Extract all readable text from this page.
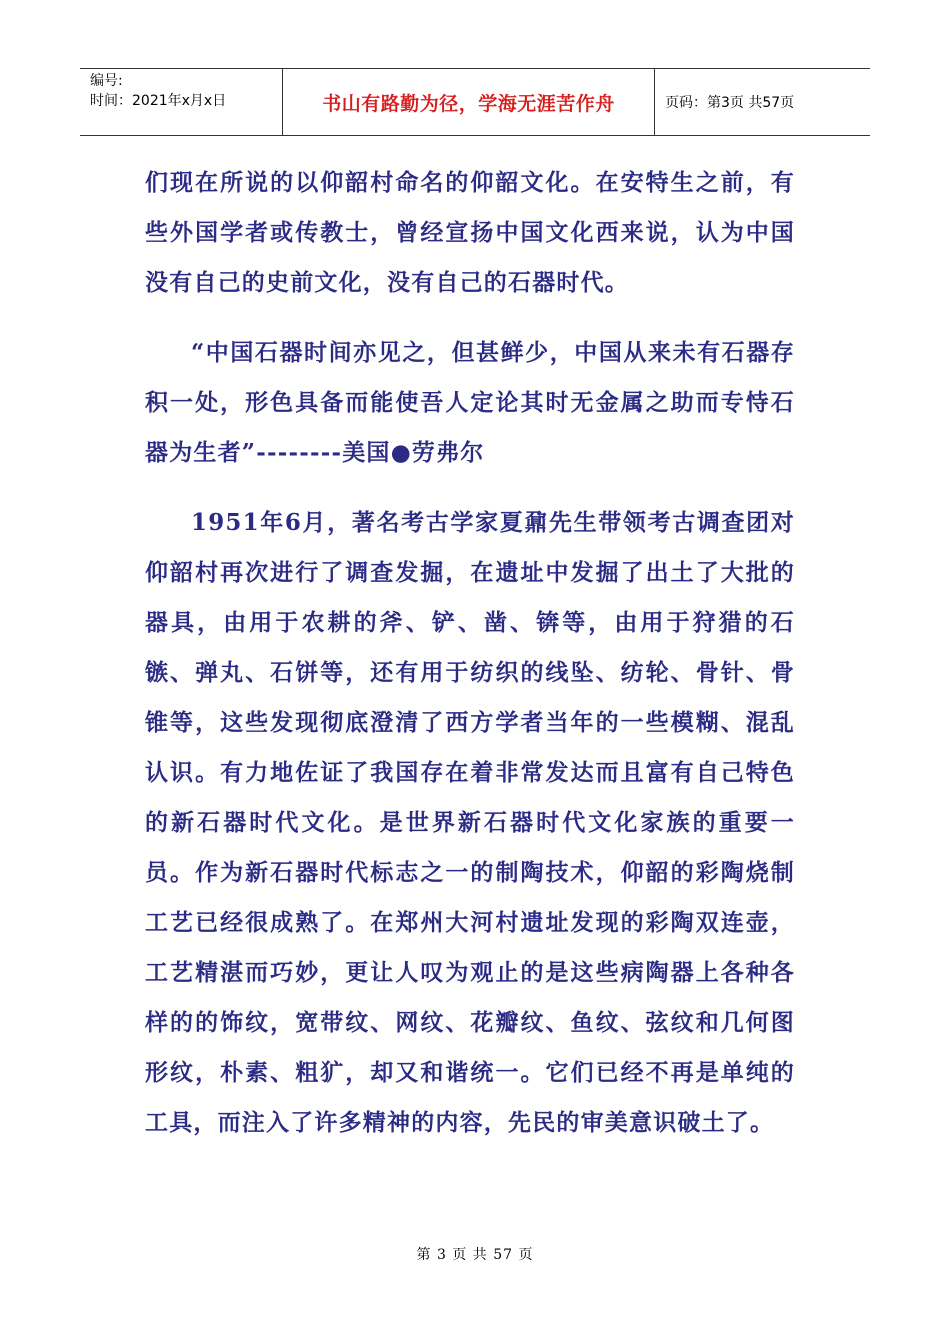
编号:
时间：2021年x月x日	书山有路勤为径，学海无涯苦作舟	页码：第3页 共57页

们现在所说的以仰韶村命名的仰韶文化。在安特生之前，有些外国学者或传教士，曾经宣扬中国文化西来说，认为中国没有自己的史前文化，没有自己的石器时代。

“中国石器时间亦见之，但甚鲜少，中国从来未有石器存积一处，形色具备而能使吾人定论其时无金属之助而专恃石器为生者”--------美国●劳弗尔

1951年6月，著名考古学家夏鼐先生带领考古调查团对仰韶村再次进行了调查发掘，在遗址中发掘了出土了大批的器具，由用于农耕的斧、铲、凿、锛等，由用于狩猎的石镞、弹丸、石饼等，还有用于纺织的线坠、纺轮、骨针、骨锥等，这些发现彻底澄清了西方学者当年的一些模糊、混乱认识。有力地佐证了我国存在着非常发达而且富有自己特色的新石器时代文化。是世界新石器时代文化家族的重要一员。作为新石器时代标志之一的制陶技术，仰韶的彩陶烧制工艺已经很成熟了。在郑州大河村遗址发现的彩陶双连壶，工艺精湛而巧妙，更让人叹为观止的是这些病陶器上各种各样的的饰纹，宽带纹、网纹、花瓣纹、鱼纹、弦纹和几何图形纹，朴素、粗犷，却又和谐统一。它们已经不再是单纯的工具，而注入了许多精神的内容，先民的审美意识破土了。

第 3 页 共 57 页
